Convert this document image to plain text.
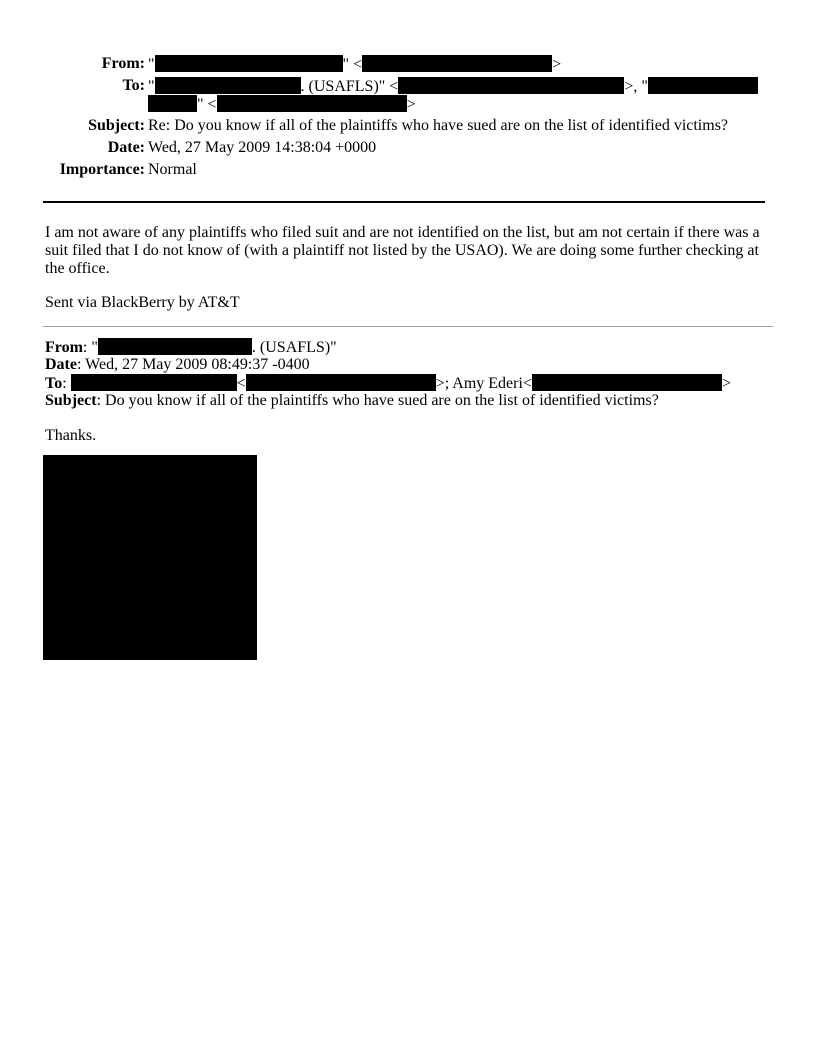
From: "	" <	>
To: "	. (USAFLS)" <	>, "
" <	>
Subject: Re: Do you know if all of the plaintiffs who have sued are on the list of identified victims?
Date: Wed, 27 May 2009 14:38:04 +0000
Importance: Normal
I am not aware of any plaintiffs who filed suit and are not identified on the list, but am not certain if there was a suit filed that I do not know of (with a plaintiff not listed by the USAO). We are doing some further checking at the office.
Sent via BlackBerry by AT&T
From: "	. (USAFLS)"
Date: Wed, 27 May 2009 08:49:37 -0400
To:	<	>; Amy Ederi<	>
Subject: Do you know if all of the plaintiffs who have sued are on the list of identified victims?
Thanks.
